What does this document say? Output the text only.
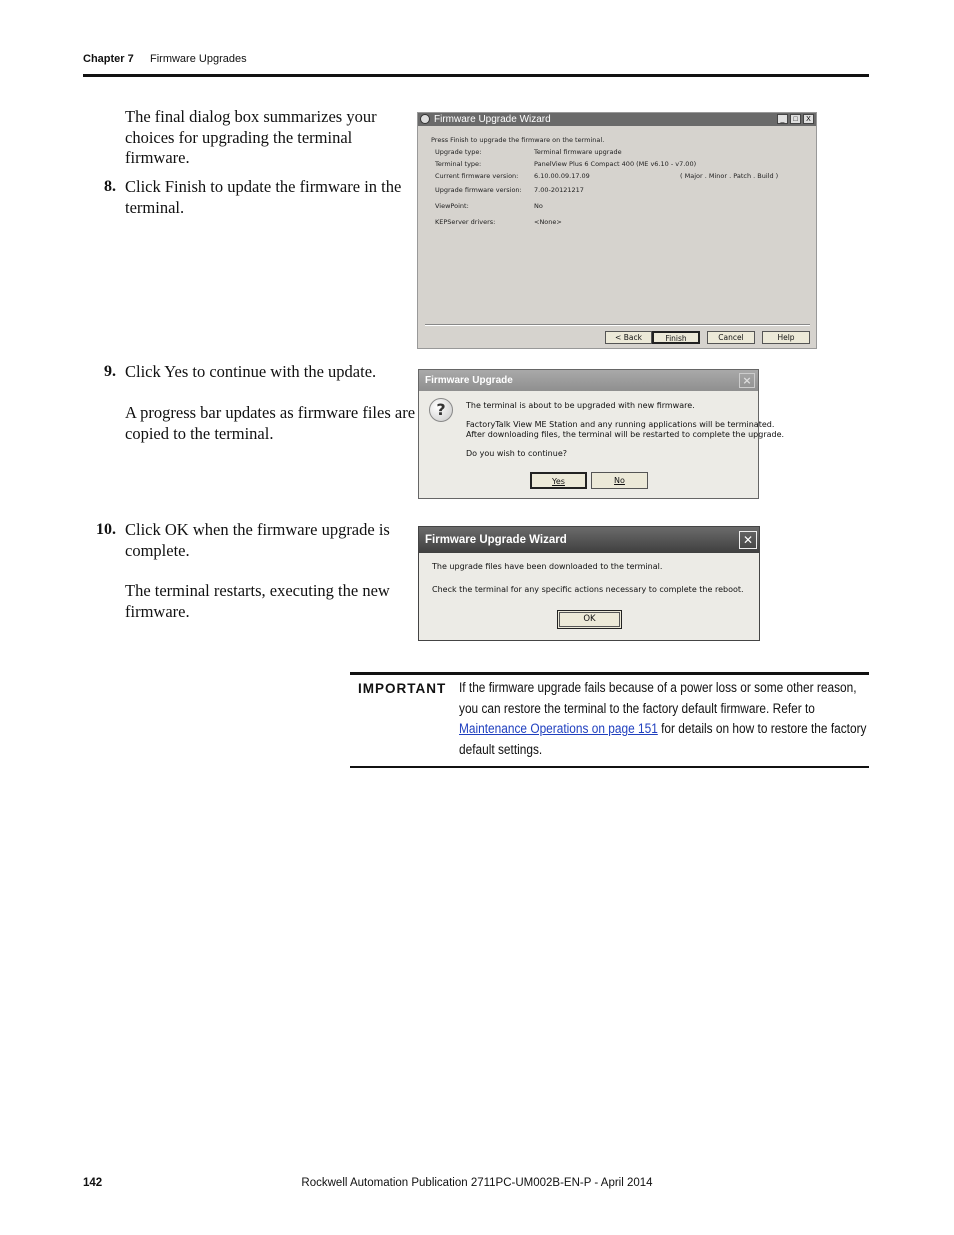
Chapter 7 Firmware Upgrades
The final dialog box summarizes your
choices for upgrading the terminal
firmware.
8. Click Finish to update the firmware in the
terminal.
9. Click Yes to continue with the update.
A progress bar updates as firmware files are
copied to the terminal.
10. Click OK when the firmware upgrade is
complete.
The terminal restarts, executing the new
firmware.
Firmware Upgrade Wizard	_	□	X
Press Finish to upgrade the firmware on the terminal.
Upgrade type:	Terminal firmware upgrade
Terminal type:	PanelView Plus 6 Compact 400 (ME v6.10 - v7.00)
Current firmware version: 6.10.00.09.17.09	( Major . Minor . Patch . Build )
Upgrade firmware version: 7.00-20121217
ViewPoint:	No
KEPServer drivers:	<None>
< Back	Finish	Cancel	Help
Firmware Upgrade	×
?	The terminal is about to be upgraded with new firmware.
FactoryTalk View ME Station and any running applications will be terminated.
After downloading files, the terminal will be restarted to complete the upgrade.
Do you wish to continue?
Yes	No
Firmware Upgrade Wizard	✕
The upgrade files have been downloaded to the terminal.
Check the terminal for any specific actions necessary to complete the reboot.
OK
IMPORTANT If the firmware upgrade fails because of a power loss or some other reason, you can restore the terminal to the factory default firmware. Refer to Maintenance Operations on page 151 for details on how to restore the factory default settings.
142	Rockwell Automation Publication 2711PC-UM002B-EN-P - April 2014
